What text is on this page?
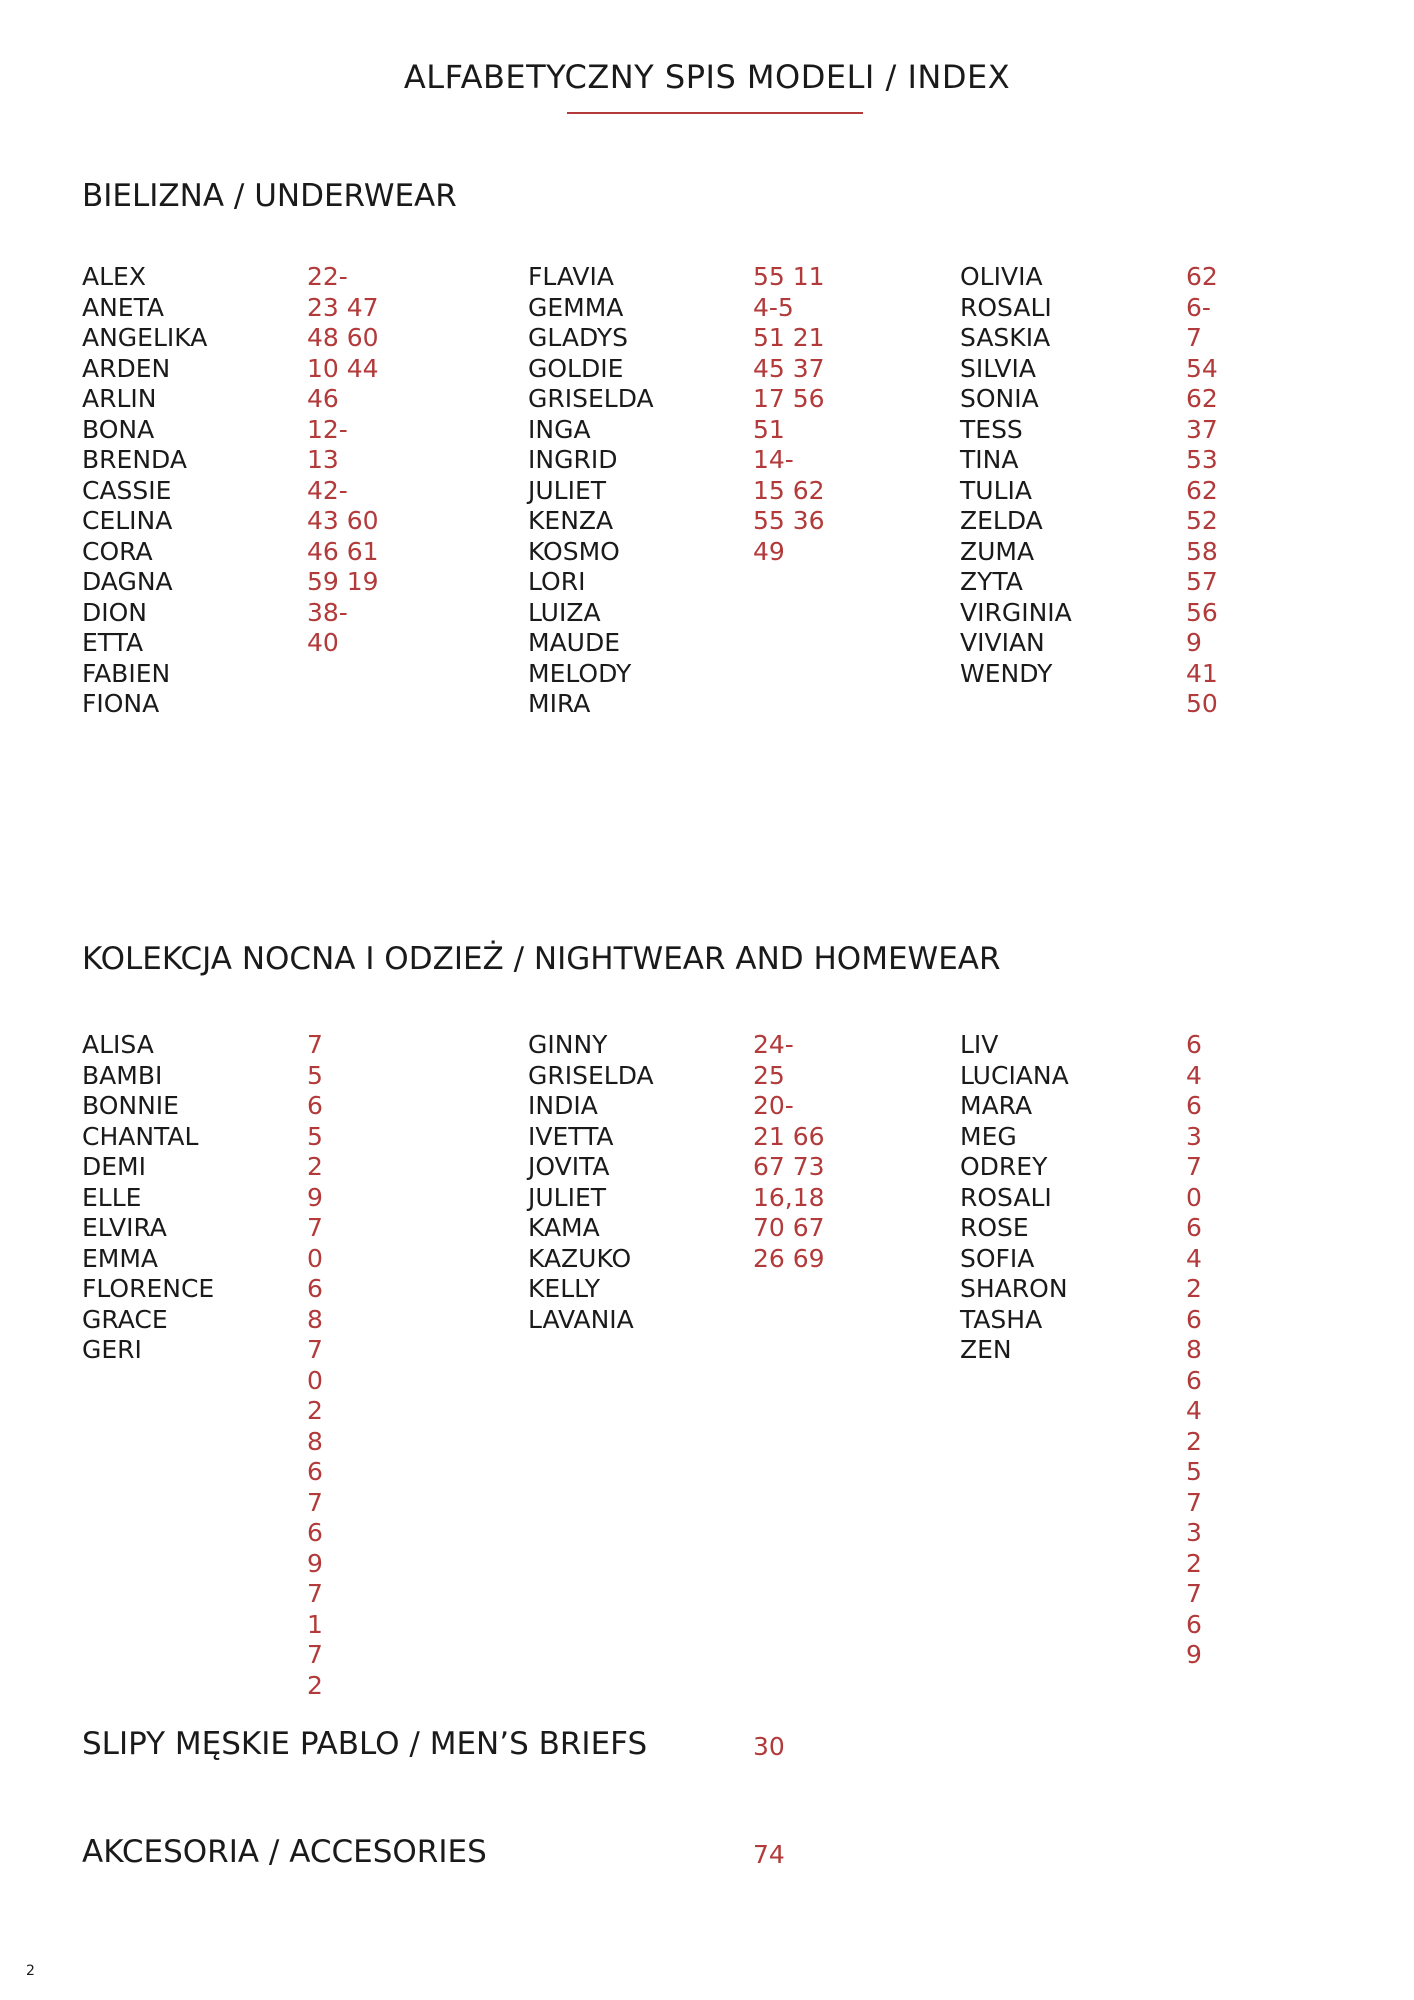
ALFABETYCZNY SPIS MODELI / INDEX
BIELIZNA / UNDERWEAR
ALEX
ANETA
ANGELIKA
ARDEN
ARLIN
BONA
BRENDA
CASSIE
CELINA
CORA
DAGNA
DION
ETTA
FABIEN
FIONA
22-
23 47
48 60
10 44
46
12-
13
42-
43 60
46 61
59 19
38-
40
FLAVIA
GEMMA
GLADYS
GOLDIE
GRISELDA
INGA
INGRID
JULIET
KENZA
KOSMO
LORI
LUIZA
MAUDE
MELODY
MIRA
55 11
4-5
51 21
45 37
17 56
51
14-
15 62
55 36
49
OLIVIA
ROSALI
SASKIA
SILVIA
SONIA
TESS
TINA
TULIA
ZELDA
ZUMA
ZYTA
VIRGINIA
VIVIAN
WENDY
62
6-
7
54
62
37
53
62
52
58
57
56
9
41
50
KOLEKCJA NOCNA I ODZIEŻ / NIGHTWEAR AND HOMEWEAR
ALISA
BAMBI
BONNIE
CHANTAL
DEMI
ELLE
ELVIRA
EMMA
FLORENCE
GRACE
GERI
7
5
6
5
2
9
7
0
6
8
7
0
2
8
6
7
6
9
7
1
7
2
GINNY
GRISELDA
INDIA
IVETTA
JOVITA
JULIET
KAMA
KAZUKO
KELLY
LAVANIA
24-
25
20-
21 66
67 73
16,18
70 67
26 69
LIV
LUCIANA
MARA
MEG
ODREY
ROSALI
ROSE
SOFIA
SHARON
TASHA
ZEN
6
4
6
3
7
0
6
4
2
6
8
6
4
2
5
7
3
2
7
6
9
SLIPY MĘSKIE PABLO / MEN’S BRIEFS	30
AKCESORIA / ACCESORIES	74
2
